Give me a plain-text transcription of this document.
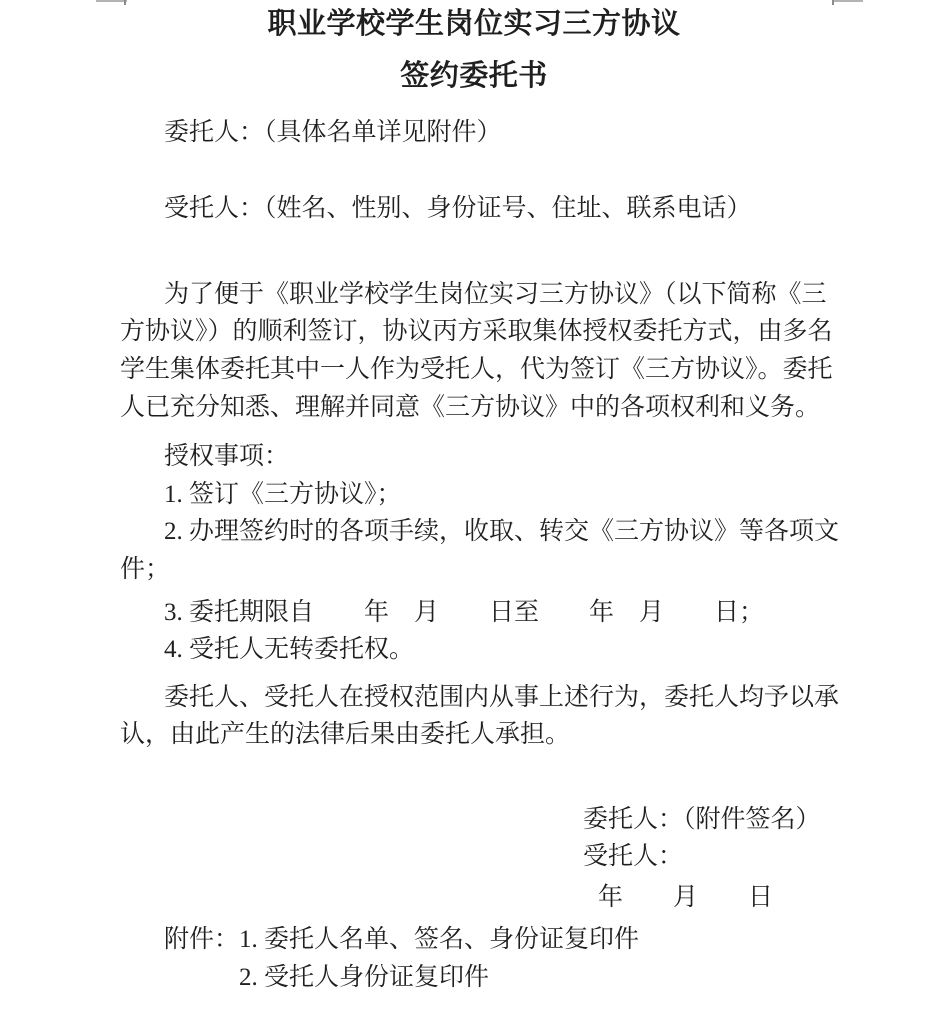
职业学校学生岗位实习三方协议
签约委托书
委托人：（具体名单详见附件）
受托人：（姓名、性别、身份证号、住址、联系电话）
为了便于《职业学校学生岗位实习三方协议》（以下简称《三
方协议》）的顺利签订，协议丙方采取集体授权委托方式，由多名
学生集体委托其中一人作为受托人，代为签订《三方协议》。委托
人已充分知悉、理解并同意《三方协议》中的各项权利和义务。
授权事项：
1. 签订《三方协议》；
2. 办理签约时的各项手续，收取、转交《三方协议》等各项文
件；
3. 委托期限自　　年　月　　日至　　年　月　　日；
4. 受托人无转委托权。
委托人、受托人在授权范围内从事上述行为，委托人均予以承
认，由此产生的法律后果由委托人承担。
委托人：（附件签名）
受托人：
年　　月　　日
附件：1. 委托人名单、签名、身份证复印件
2. 受托人身份证复印件
